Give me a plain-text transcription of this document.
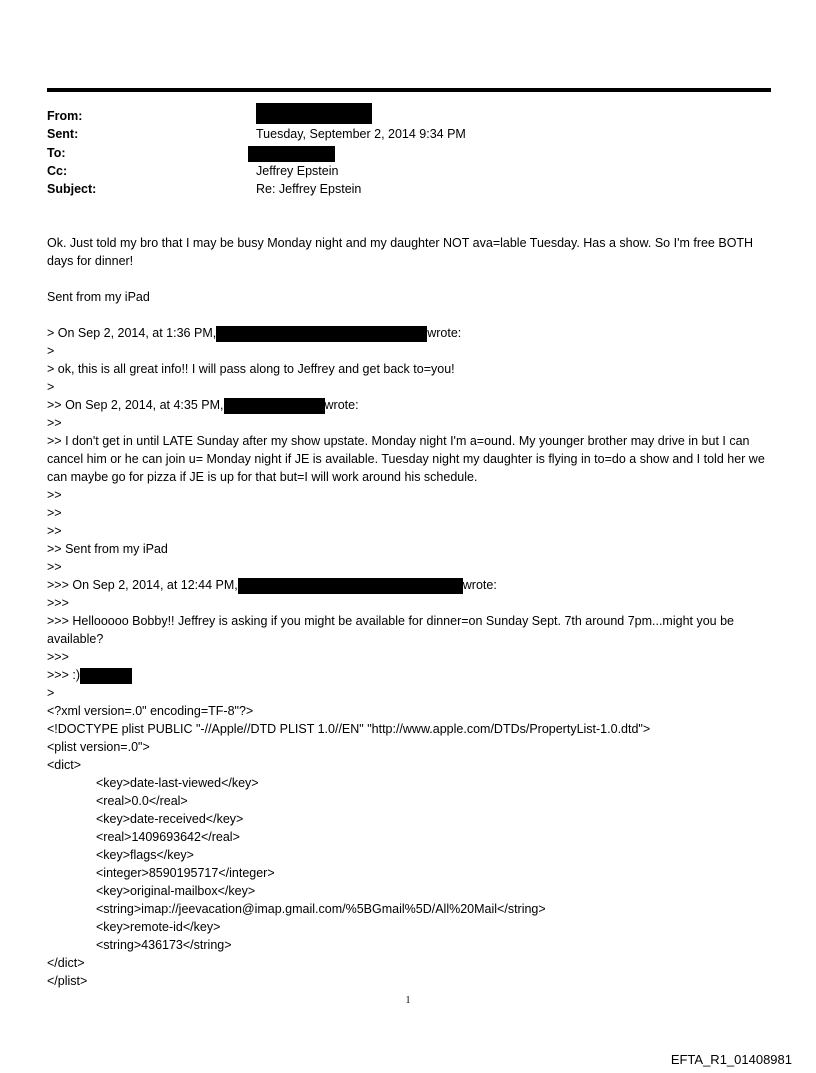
From:
Sent:	Tuesday, September 2, 2014 9:34 PM
To:
Cc:	Jeffrey Epstein
Subject:	Re: Jeffrey Epstein
Ok. Just told my bro that I may be busy Monday night and my daughter NOT ava=lable Tuesday. Has a show. So I'm free BOTH days for dinner!
Sent from my iPad
> On Sep 2, 2014, at 1:36 PM,	wrote:
>
> ok, this is all great info!! I will pass along to Jeffrey and get back to=you!
>
>> On Sep 2, 2014, at 4:35 PM,	wrote:
>>
>> I don't get in until LATE Sunday after my show upstate. Monday night I'm a=ound. My younger brother may drive in but I can cancel him or he can join u= Monday night if JE is available. Tuesday night my daughter is flying in to=do a show and I told her we can maybe go for pizza if JE is up for that but=I will work around his schedule.
>>
>>
>>
>> Sent from my iPad
>>
>>> On Sep 2, 2014, at 12:44 PM,	wrote:
>>>
>>> Hellooooo Bobby!! Jeffrey is asking if you might be available for dinner=on Sunday Sept. 7th around 7pm...might you be available?
>>>
>>> :)
>
<?xml version=.0" encoding=TF-8"?>
<!DOCTYPE plist PUBLIC "-//Apple//DTD PLIST 1.0//EN" "http://www.apple.com/DTDs/PropertyList-1.0.dtd">
<plist version=.0">
<dict>
<key>date-last-viewed</key>
<real>0.0</real>
<key>date-received</key>
<real>1409693642</real>
<key>flags</key>
<integer>8590195717</integer>
<key>original-mailbox</key>
<string>imap://jeevacation@imap.gmail.com/%5BGmail%5D/All%20Mail</string>
<key>remote-id</key>
<string>436173</string>
</dict>
</plist>
1
EFTA_R1_01408981
